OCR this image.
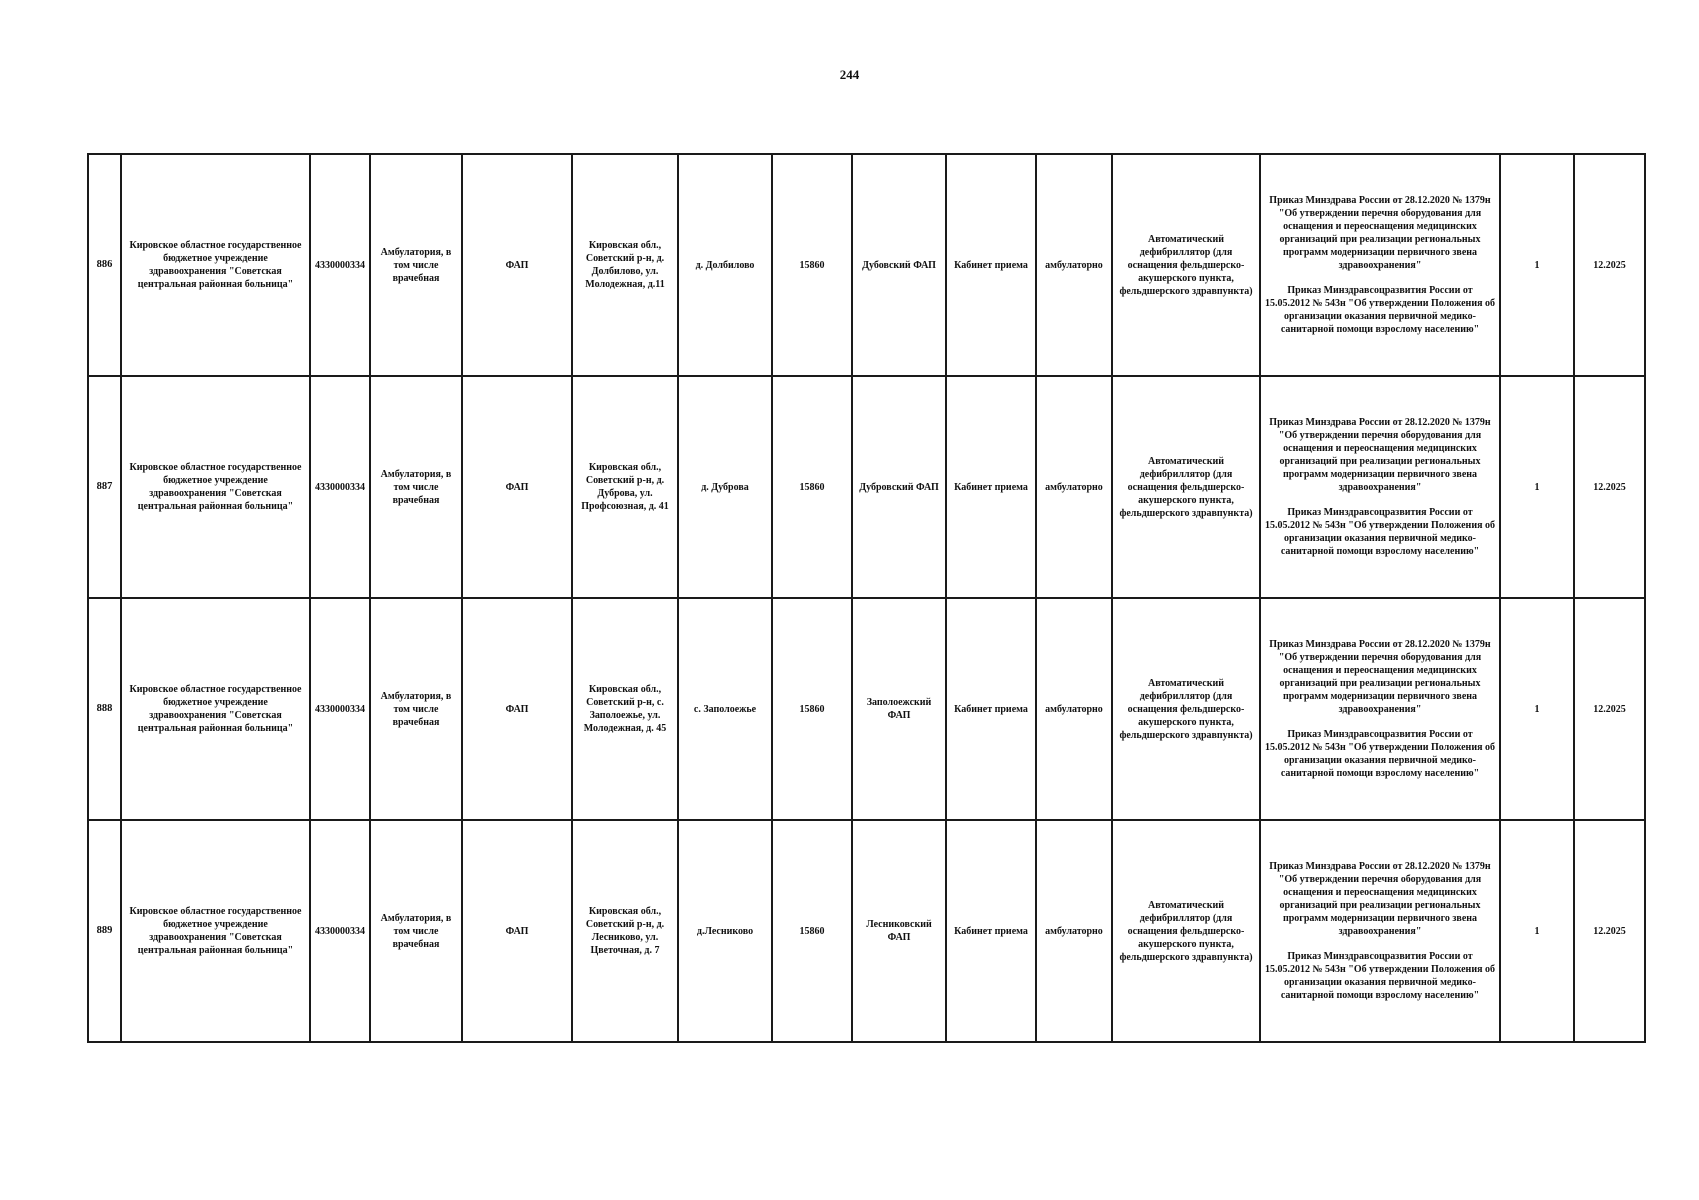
244
886	Кировское областное государственное бюджетное учреждение здравоохранения "Советская центральная районная больница"	4330000334	Амбулатория, в том числе врачебная	ФАП	Кировская обл., Советский р-н, д. Долбилово, ул. Молодежная, д.11	д. Долбилово	15860	Дубовский ФАП	Кабинет приема	амбулаторно	Автоматический дефибриллятор (для оснащения фельдшерско-акушерского пункта, фельдшерского здравпункта)	Приказ Минздрава России от 28.12.2020 № 1379н "Об утверждении перечня оборудования для оснащения и переоснащения медицинских организаций при реализации региональных программ модернизации первичного звена здравоохранения"
Приказ Минздравсоцразвития России от 15.05.2012 № 543н "Об утверждении Положения об организации оказания первичной медико-санитарной помощи взрослому населению"	1	12.2025
887	Кировское областное государственное бюджетное учреждение здравоохранения "Советская центральная районная больница"	4330000334	Амбулатория, в том числе врачебная	ФАП	Кировская обл., Советский р-н, д. Дуброва, ул. Профсоюзная, д. 41	д. Дуброва	15860	Дубровский ФАП	Кабинет приема	амбулаторно	Автоматический дефибриллятор (для оснащения фельдшерско-акушерского пункта, фельдшерского здравпункта)	Приказ Минздрава России от 28.12.2020 № 1379н "Об утверждении перечня оборудования для оснащения и переоснащения медицинских организаций при реализации региональных программ модернизации первичного звена здравоохранения"
Приказ Минздравсоцразвития России от 15.05.2012 № 543н "Об утверждении Положения об организации оказания первичной медико-санитарной помощи взрослому населению"	1	12.2025
888	Кировское областное государственное бюджетное учреждение здравоохранения "Советская центральная районная больница"	4330000334	Амбулатория, в том числе врачебная	ФАП	Кировская обл., Советский р-н, с. Заполоежье, ул. Молодежная, д. 45	с. Заполоежье	15860	Заполоежский ФАП	Кабинет приема	амбулаторно	Автоматический дефибриллятор (для оснащения фельдшерско-акушерского пункта, фельдшерского здравпункта)	Приказ Минздрава России от 28.12.2020 № 1379н "Об утверждении перечня оборудования для оснащения и переоснащения медицинских организаций при реализации региональных программ модернизации первичного звена здравоохранения"
Приказ Минздравсоцразвития России от 15.05.2012 № 543н "Об утверждении Положения об организации оказания первичной медико-санитарной помощи взрослому населению"	1	12.2025
889	Кировское областное государственное бюджетное учреждение здравоохранения "Советская центральная районная больница"	4330000334	Амбулатория, в том числе врачебная	ФАП	Кировская обл., Советский р-н, д. Лесниково, ул. Цветочная, д. 7	д.Лесниково	15860	Лесниковский ФАП	Кабинет приема	амбулаторно	Автоматический дефибриллятор (для оснащения фельдшерско-акушерского пункта, фельдшерского здравпункта)	Приказ Минздрава России от 28.12.2020 № 1379н "Об утверждении перечня оборудования для оснащения и переоснащения медицинских организаций при реализации региональных программ модернизации первичного звена здравоохранения"
Приказ Минздравсоцразвития России от 15.05.2012 № 543н "Об утверждении Положения об организации оказания первичной медико-санитарной помощи взрослому населению"	1	12.2025
